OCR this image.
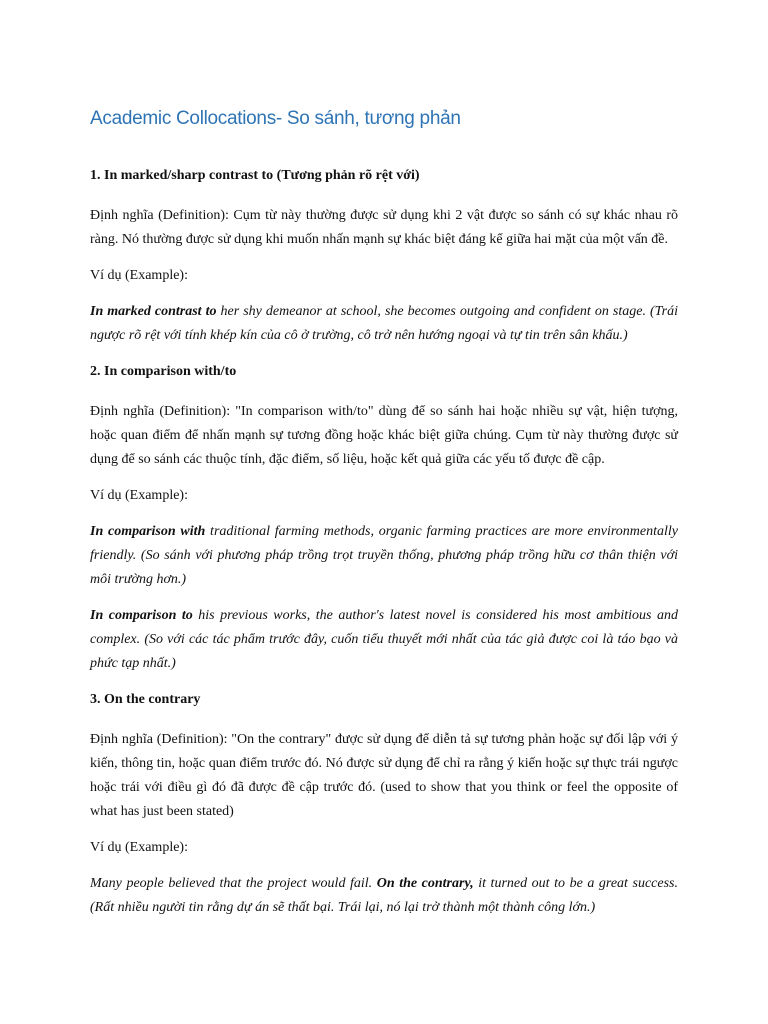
Academic Collocations- So sánh, tương phản

1. In marked/sharp contrast to (Tương phản rõ rệt với)

Định nghĩa (Definition): Cụm từ này thường được sử dụng khi 2 vật được so sánh có sự khác nhau rõ ràng. Nó thường được sử dụng khi muốn nhấn mạnh sự khác biệt đáng kể giữa hai mặt của một vấn đề.

Ví dụ (Example):

In marked contrast to her shy demeanor at school, she becomes outgoing and confident on stage. (Trái ngược rõ rệt với tính khép kín của cô ở trường, cô trở nên hướng ngoại và tự tin trên sân khấu.)

2. In comparison with/to

Định nghĩa (Definition): "In comparison with/to" dùng để so sánh hai hoặc nhiều sự vật, hiện tượng, hoặc quan điểm để nhấn mạnh sự tương đồng hoặc khác biệt giữa chúng. Cụm từ này thường được sử dụng để so sánh các thuộc tính, đặc điểm, số liệu, hoặc kết quả giữa các yếu tố được đề cập.

Ví dụ (Example):

In comparison with traditional farming methods, organic farming practices are more environmentally friendly. (So sánh với phương pháp trồng trọt truyền thống, phương pháp trồng hữu cơ thân thiện với môi trường hơn.)

In comparison to his previous works, the author's latest novel is considered his most ambitious and complex. (So với các tác phẩm trước đây, cuốn tiểu thuyết mới nhất của tác giả được coi là táo bạo và phức tạp nhất.)

3. On the contrary

Định nghĩa (Definition): "On the contrary" được sử dụng để diễn tả sự tương phản hoặc sự đối lập với ý kiến, thông tin, hoặc quan điểm trước đó. Nó được sử dụng để chỉ ra rằng ý kiến hoặc sự thực trái ngược hoặc trái với điều gì đó đã được đề cập trước đó. (used to show that you think or feel the opposite of what has just been stated)

Ví dụ (Example):

Many people believed that the project would fail. On the contrary, it turned out to be a great success. (Rất nhiều người tin rằng dự án sẽ thất bại. Trái lại, nó lại trở thành một thành công lớn.)
